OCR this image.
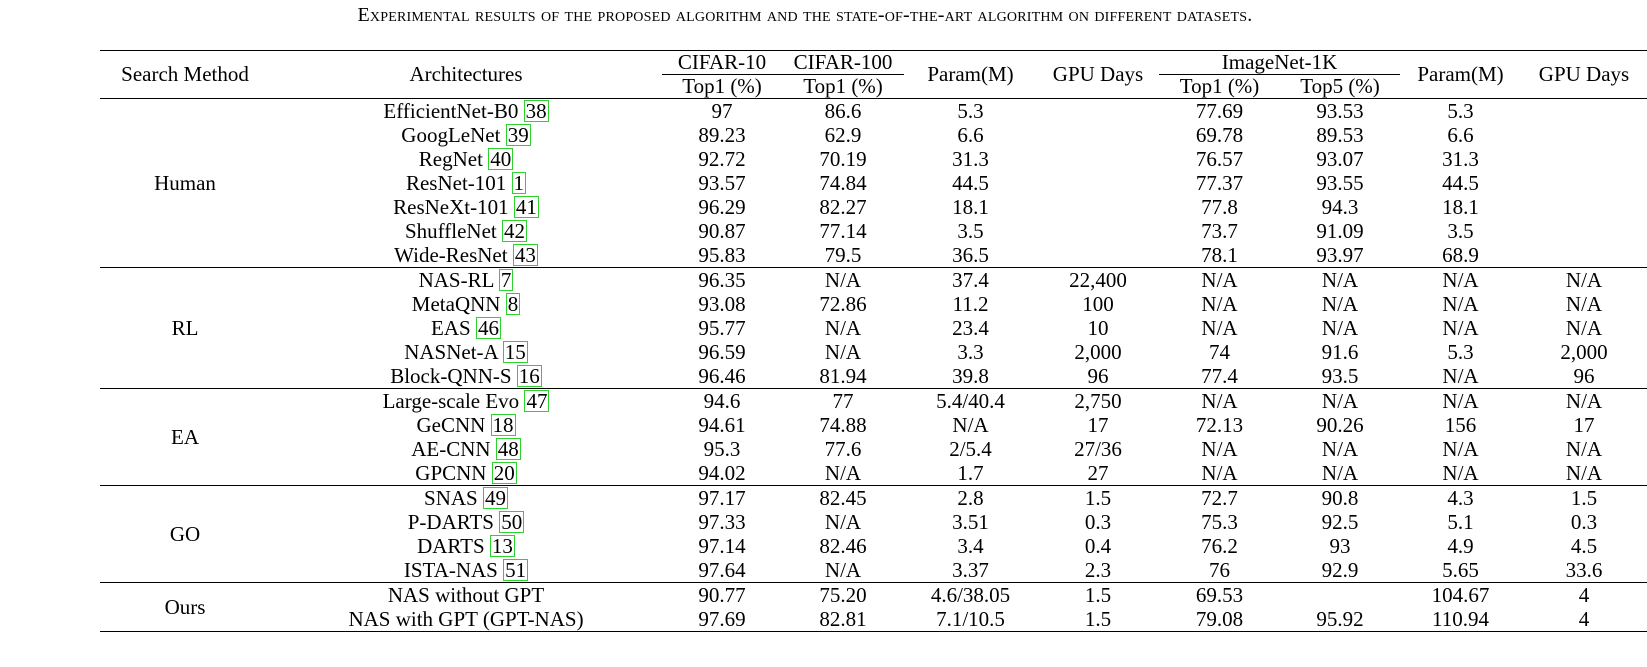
Experimental results of the proposed algorithm and the state-of-the-art algorithm on different datasets.
Search Method	Architectures	CIFAR-10	CIFAR-100	Param(M)	GPU Days	ImageNet-1K		Param(M)	GPU Days
		Top1 (%)	Top1 (%)			Top1 (%)	Top5 (%)		
Human	EfficientNet-B0 38	97	86.6	5.3		77.69	93.53	5.3	
	GoogLeNet 39	89.23	62.9	6.6		69.78	89.53	6.6	
	RegNet 40	92.72	70.19	31.3		76.57	93.07	31.3	
	ResNet-101 1	93.57	74.84	44.5		77.37	93.55	44.5	
	ResNeXt-101 41	96.29	82.27	18.1		77.8	94.3	18.1	
	ShuffleNet 42	90.87	77.14	3.5		73.7	91.09	3.5	
	Wide-ResNet 43	95.83	79.5	36.5		78.1	93.97	68.9	
RL	NAS-RL 7	96.35	N/A	37.4	22,400	N/A	N/A	N/A	N/A
	MetaQNN 8	93.08	72.86	11.2	100	N/A	N/A	N/A	N/A
	EAS 46	95.77	N/A	23.4	10	N/A	N/A	N/A	N/A
	NASNet-A 15	96.59	N/A	3.3	2,000	74	91.6	5.3	2,000
	Block-QNN-S 16	96.46	81.94	39.8	96	77.4	93.5	N/A	96
EA	Large-scale Evo 47	94.6	77	5.4/40.4	2,750	N/A	N/A	N/A	N/A
	GeCNN 18	94.61	74.88	N/A	17	72.13	90.26	156	17
	AE-CNN 48	95.3	77.6	2/5.4	27/36	N/A	N/A	N/A	N/A
	GPCNN 20	94.02	N/A	1.7	27	N/A	N/A	N/A	N/A
GO	SNAS 49	97.17	82.45	2.8	1.5	72.7	90.8	4.3	1.5
	P-DARTS 50	97.33	N/A	3.51	0.3	75.3	92.5	5.1	0.3
	DARTS 13	97.14	82.46	3.4	0.4	76.2	93	4.9	4.5
	ISTA-NAS 51	97.64	N/A	3.37	2.3	76	92.9	5.65	33.6
Ours	NAS without GPT	90.77	75.20	4.6/38.05	1.5	69.53		104.67	4
	NAS with GPT (GPT-NAS)	97.69	82.81	7.1/10.5	1.5	79.08	95.92	110.94	4
